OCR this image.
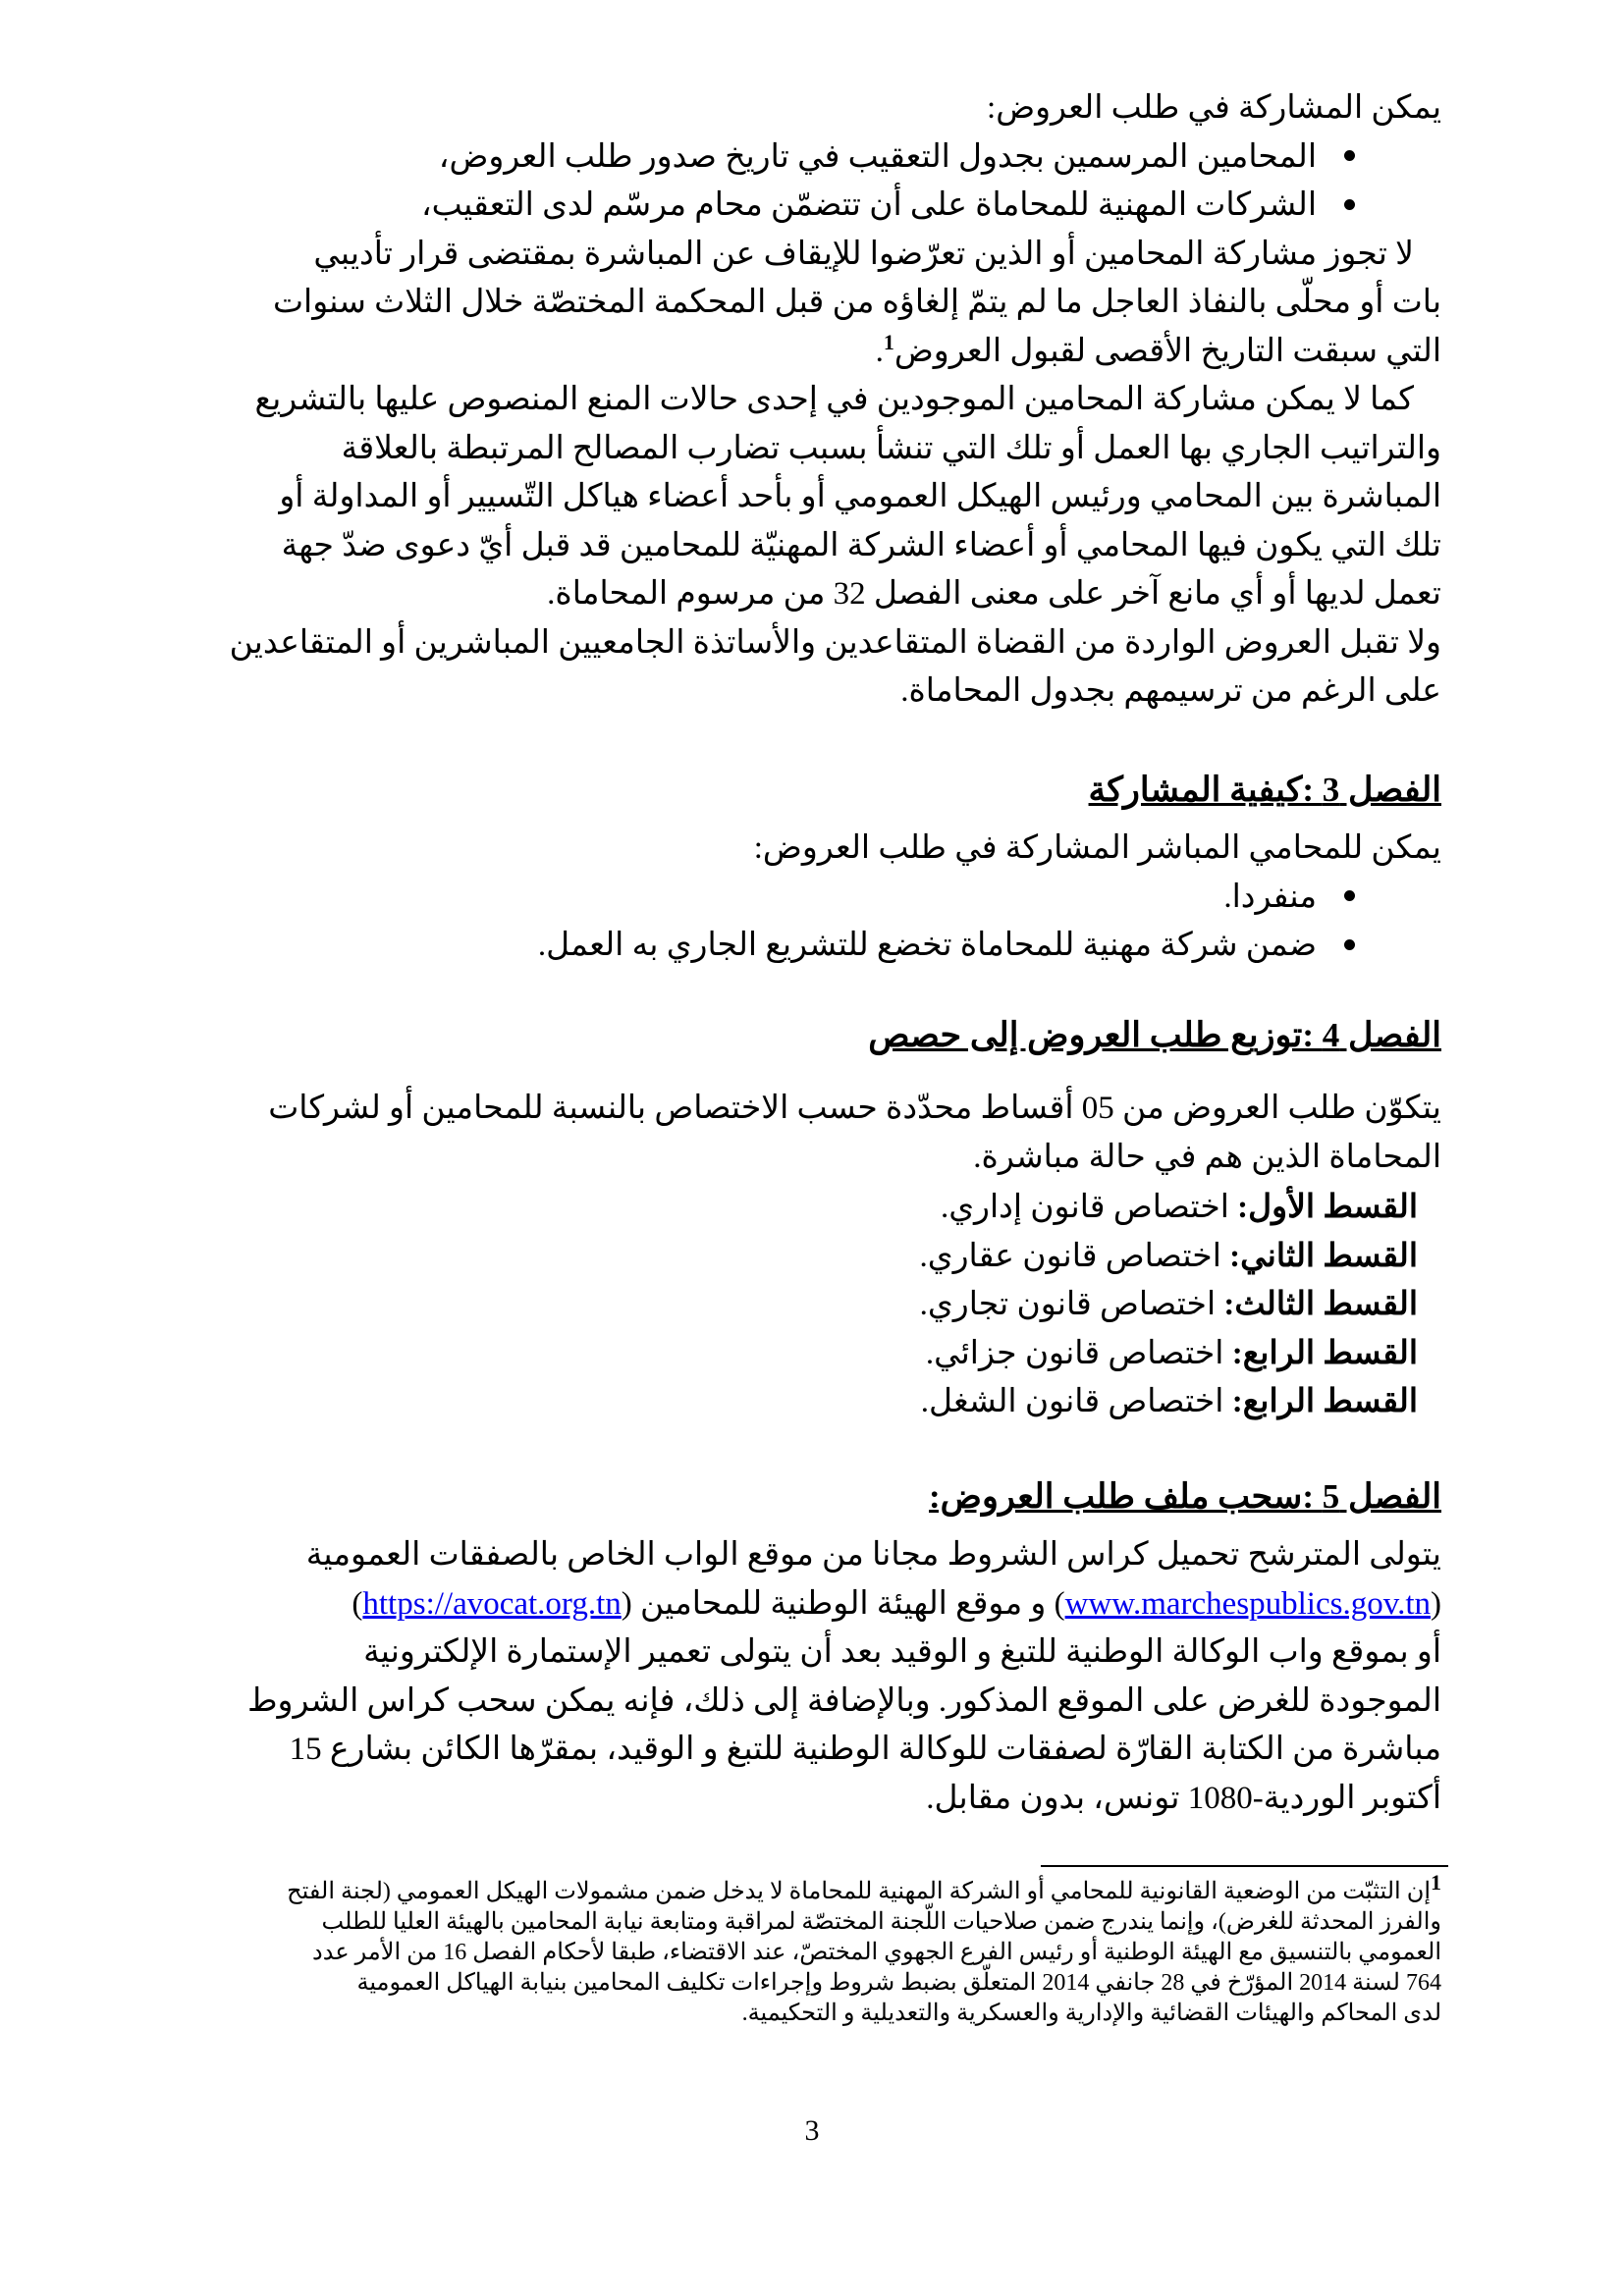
يمكن المشاركة في طلب العروض:
المحامين المرسمين بجدول التعقيب في تاريخ صدور طلب العروض،
الشركات المهنية للمحاماة على أن تتضمّن محام مرسّم لدى التعقيب،
لا تجوز مشاركة المحامين أو الذين تعرّضوا للإيقاف عن المباشرة بمقتضى قرار تأديبي
بات أو محلّى بالنفاذ العاجل ما لم يتمّ إلغاؤه من قبل المحكمة المختصّة خلال الثلاث سنوات
التي سبقت التاريخ الأقصى لقبول العروض$^1$.
كما لا يمكن مشاركة المحامين الموجودين في إحدى حالات المنع المنصوص عليها بالتشريع
والتراتيب الجاري بها العمل أو تلك التي تنشأ بسبب تضارب المصالح المرتبطة بالعلاقة
المباشرة بين المحامي ورئيس الهيكل العمومي أو بأحد أعضاء هياكل التّسيير أو المداولة أو
تلك التي يكون فيها المحامي أو أعضاء الشركة المهنيّة للمحامين قد قبل أيّ دعوى ضدّ جهة
تعمل لديها أو أي مانع آخر على معنى الفصل 32 من مرسوم المحاماة.
ولا تقبل العروض الواردة من القضاة المتقاعدين والأساتذة الجامعيين المباشرين أو المتقاعدين
على الرغم من ترسيمهم بجدول المحاماة.
الفصل 3 :كيفية المشاركة
يمكن للمحامي المباشر المشاركة في طلب العروض:
منفردا.
ضمن شركة مهنية للمحاماة تخضع للتشريع الجاري به العمل.
الفصل 4 :توزيع طلب العروض إلى حصص
يتكوّن طلب العروض من 05 أقساط محدّدة حسب الاختصاص بالنسبة للمحامين أو لشركات
المحاماة الذين هم في حالة مباشرة.
القسط الأول: اختصاص قانون إداري.
القسط الثاني: اختصاص قانون عقاري.
القسط الثالث: اختصاص قانون تجاري.
القسط الرابع: اختصاص قانون جزائي.
القسط الرابع: اختصاص قانون الشغل.
الفصل 5 :سحب ملف طلب العروض:
يتولى المترشح تحميل كراس الشروط مجانا من موقع الواب الخاص بالصفقات العمومية
(www.marchespublics.gov.tn) و موقع الهيئة الوطنية للمحامين (https://avocat.org.tn)
أو بموقع واب الوكالة الوطنية للتبغ و الوقيد بعد أن يتولى تعمير الإستمارة الإلكترونية
الموجودة للغرض على الموقع المذكور. وبالإضافة إلى ذلك، فإنه يمكن سحب كراس الشروط
مباشرة من الكتابة القارّة لصفقات للوكالة الوطنية للتبغ و الوقيد، بمقرّها الكائن بشارع 15
أكتوبر الوردية-1080 تونس، بدون مقابل.
1إن التثبّت من الوضعية القانونية للمحامي أو الشركة المهنية للمحاماة لا يدخل ضمن مشمولات الهيكل العمومي (لجنة الفتح
والفرز المحدثة للغرض)، وإنما يندرج ضمن صلاحيات اللّجنة المختصّة لمراقبة ومتابعة نيابة المحامين بالهيئة العليا للطلب
العمومي بالتنسيق مع الهيئة الوطنية أو رئيس الفرع الجهوي المختصّ، عند الاقتضاء، طبقا لأحكام الفصل 16 من الأمر عدد
764 لسنة 2014 المؤرّخ في 28 جانفي 2014 المتعلّق بضبط شروط وإجراءات تكليف المحامين بنيابة الهياكل العمومية
لدى المحاكم والهيئات القضائية والإدارية والعسكرية والتعديلية و التحكيمية.
3
